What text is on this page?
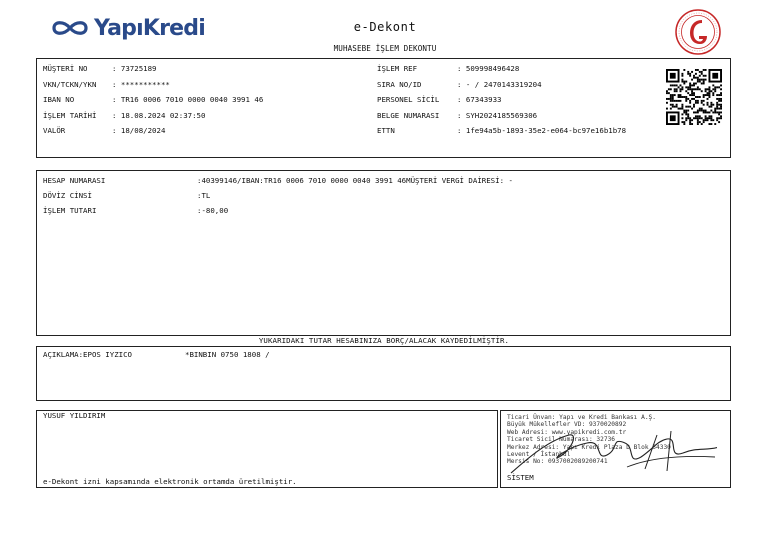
YapıKredi	e-Dekont
MUHASEBE İŞLEM DEKONTU
MÜŞTERİ NO	: 73725189
VKN/TCKN/YKN : ***********
IBAN NO	: TR16 0006 7010 0000 0040 3991 46
İŞLEM TARİHİ : 18.08.2024 02:37:50
VALÖR	: 18/08/2024
İŞLEM REF	: 509998496428
SIRA NO/ID	: - / 2470143319204
PERSONEL SİCİL : 67343933
BELGE NUMARASI : SYH2024185569306
ETTN	: 1fe94a5b-1893-35e2-e064-bc97e16b1b78
HESAP NUMARASI	:40399146/IBAN:TR16 0006 7010 0000 0040 3991 46MÜŞTERİ VERGİ DAİRESİ: -
DÖVİZ CİNSİ	:TL
İŞLEM TUTARI	:-80,00
YUKARIDAKI TUTAR HESABINIZA BORÇ/ALACAK KAYDEDİLMİŞTİR.
AÇIKLAMA:EPOS IYZICO	*BINBIN 0750 1808 /
YUSUF YILDIRIM
e-Dekont izni kapsamında elektronik ortamda üretilmiştir.
Ticari Ünvan: Yapı ve Kredi Bankası A.Ş.
Büyük Mükellefler VD: 9370020892
Web Adresi: www.yapikredi.com.tr
Ticaret Sicil Numarası: 32736
Merkez Adresi: Yapı Kredi Plaza D Blok 34330
Levent / İstanbul
Mersis No: 0937002089200741
SİSTEM
